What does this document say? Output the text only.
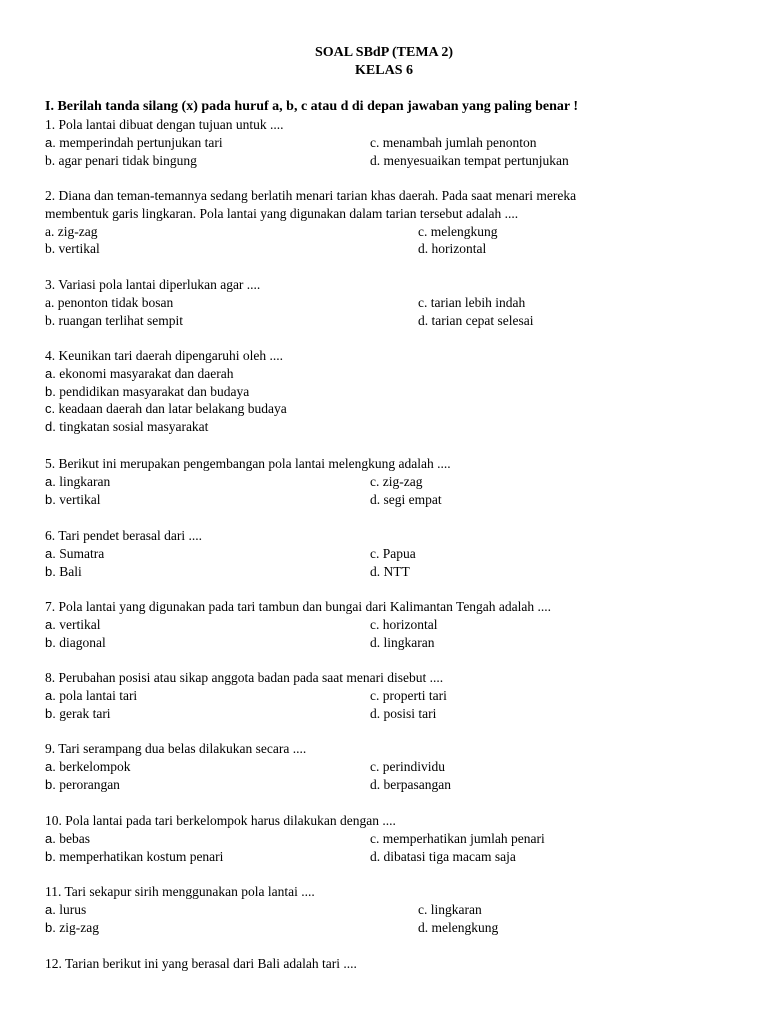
SOAL SBdP (TEMA 2)
KELAS 6
I. Berilah tanda silang (x) pada huruf a, b, c atau d di depan jawaban yang paling benar !
1. Pola lantai dibuat dengan tujuan untuk ....
a. memperindah pertunjukan tari	c. menambah jumlah penonton
b. agar penari tidak bingung	d. menyesuaikan tempat pertunjukan
2. Diana dan teman-temannya sedang berlatih menari tarian khas daerah. Pada saat menari mereka
membentuk garis lingkaran. Pola lantai yang digunakan dalam tarian tersebut adalah ....
a. zig-zag	c. melengkung
b. vertikal	d. horizontal
3. Variasi pola lantai diperlukan agar ....
a. penonton tidak bosan	c. tarian lebih indah
b. ruangan terlihat sempit	d. tarian cepat selesai
4. Keunikan tari daerah dipengaruhi oleh ....
a. ekonomi masyarakat dan daerah
b. pendidikan masyarakat dan budaya
c. keadaan daerah dan latar belakang budaya
d. tingkatan sosial masyarakat
5. Berikut ini merupakan pengembangan pola lantai melengkung adalah ....
a. lingkaran	c. zig-zag
b. vertikal	d. segi empat
6. Tari pendet berasal dari ....
a. Sumatra	c. Papua
b. Bali	d. NTT
7. Pola lantai yang digunakan pada tari tambun dan bungai dari Kalimantan Tengah adalah ....
a. vertikal	c. horizontal
b. diagonal	d. lingkaran
8. Perubahan posisi atau sikap anggota badan pada saat menari disebut ....
a. pola lantai tari	c. properti tari
b. gerak tari	d. posisi tari
9. Tari serampang dua belas dilakukan secara ....
a. berkelompok	c. perindividu
b. perorangan	d. berpasangan
10. Pola lantai pada tari berkelompok harus dilakukan dengan ....
a. bebas	c. memperhatikan jumlah penari
b. memperhatikan kostum penari	d. dibatasi tiga macam saja
11. Tari sekapur sirih menggunakan pola lantai ....
a. lurus	c. lingkaran
b. zig-zag	d. melengkung
12. Tarian berikut ini yang berasal dari Bali adalah tari ....
